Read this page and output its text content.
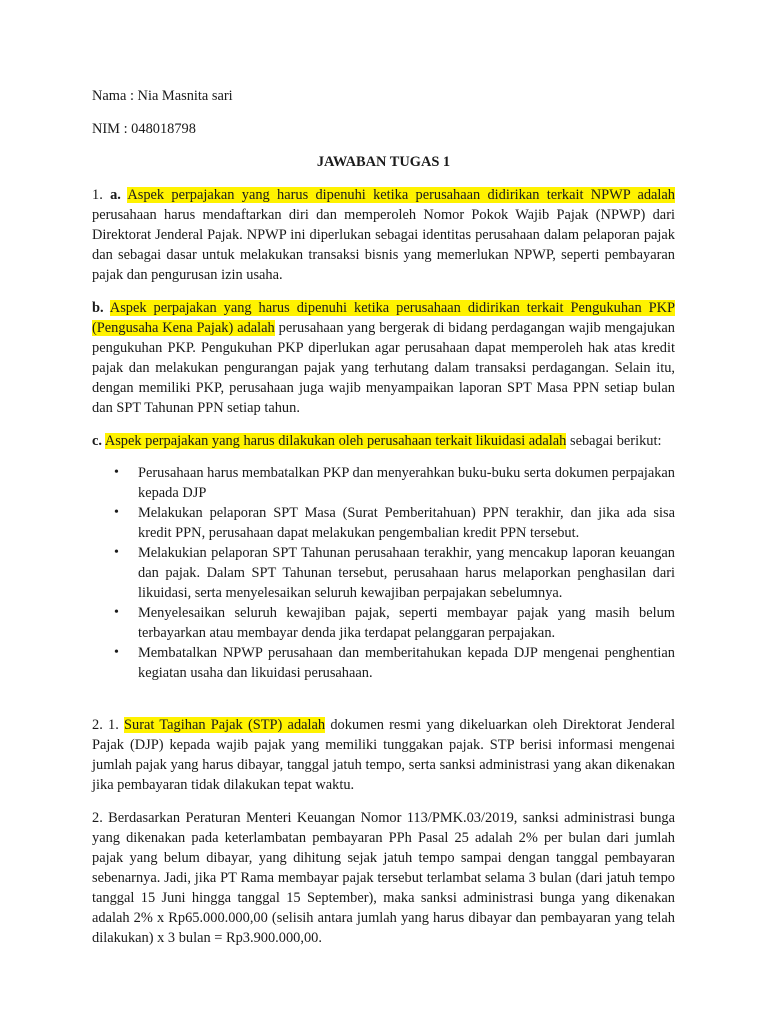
Nama : Nia Masnita sari

NIM : 048018798

JAWABAN TUGAS 1

1. a. Aspek perpajakan yang harus dipenuhi ketika perusahaan didirikan terkait NPWP adalah perusahaan harus mendaftarkan diri dan memperoleh Nomor Pokok Wajib Pajak (NPWP) dari Direktorat Jenderal Pajak. NPWP ini diperlukan sebagai identitas perusahaan dalam pelaporan pajak dan sebagai dasar untuk melakukan transaksi bisnis yang memerlukan NPWP, seperti pembayaran pajak dan pengurusan izin usaha.

b. Aspek perpajakan yang harus dipenuhi ketika perusahaan didirikan terkait Pengukuhan PKP (Pengusaha Kena Pajak) adalah perusahaan yang bergerak di bidang perdagangan wajib mengajukan pengukuhan PKP. Pengukuhan PKP diperlukan agar perusahaan dapat memperoleh hak atas kredit pajak dan melakukan pengurangan pajak yang terhutang dalam transaksi perdagangan. Selain itu, dengan memiliki PKP, perusahaan juga wajib menyampaikan laporan SPT Masa PPN setiap bulan dan SPT Tahunan PPN setiap tahun.

c. Aspek perpajakan yang harus dilakukan oleh perusahaan terkait likuidasi adalah sebagai berikut:

• Perusahaan harus membatalkan PKP dan menyerahkan buku-buku serta dokumen perpajakan kepada DJP
• Melakukan pelaporan SPT Masa (Surat Pemberitahuan) PPN terakhir, dan jika ada sisa kredit PPN, perusahaan dapat melakukan pengembalian kredit PPN tersebut.
• Melakukian pelaporan SPT Tahunan perusahaan terakhir, yang mencakup laporan keuangan dan pajak. Dalam SPT Tahunan tersebut, perusahaan harus melaporkan penghasilan dari likuidasi, serta menyelesaikan seluruh kewajiban perpajakan sebelumnya.
• Menyelesaikan seluruh kewajiban pajak, seperti membayar pajak yang masih belum terbayarkan atau membayar denda jika terdapat pelanggaran perpajakan.
• Membatalkan NPWP perusahaan dan memberitahukan kepada DJP mengenai penghentian kegiatan usaha dan likuidasi perusahaan.

2. 1. Surat Tagihan Pajak (STP) adalah dokumen resmi yang dikeluarkan oleh Direktorat Jenderal Pajak (DJP) kepada wajib pajak yang memiliki tunggakan pajak. STP berisi informasi mengenai jumlah pajak yang harus dibayar, tanggal jatuh tempo, serta sanksi administrasi yang akan dikenakan jika pembayaran tidak dilakukan tepat waktu.

2. Berdasarkan Peraturan Menteri Keuangan Nomor 113/PMK.03/2019, sanksi administrasi bunga yang dikenakan pada keterlambatan pembayaran PPh Pasal 25 adalah 2% per bulan dari jumlah pajak yang belum dibayar, yang dihitung sejak jatuh tempo sampai dengan tanggal pembayaran sebenarnya. Jadi, jika PT Rama membayar pajak tersebut terlambat selama 3 bulan (dari jatuh tempo tanggal 15 Juni hingga tanggal 15 September), maka sanksi administrasi bunga yang dikenakan adalah 2% x Rp65.000.000,00 (selisih antara jumlah yang harus dibayar dan pembayaran yang telah dilakukan) x 3 bulan = Rp3.900.000,00.
